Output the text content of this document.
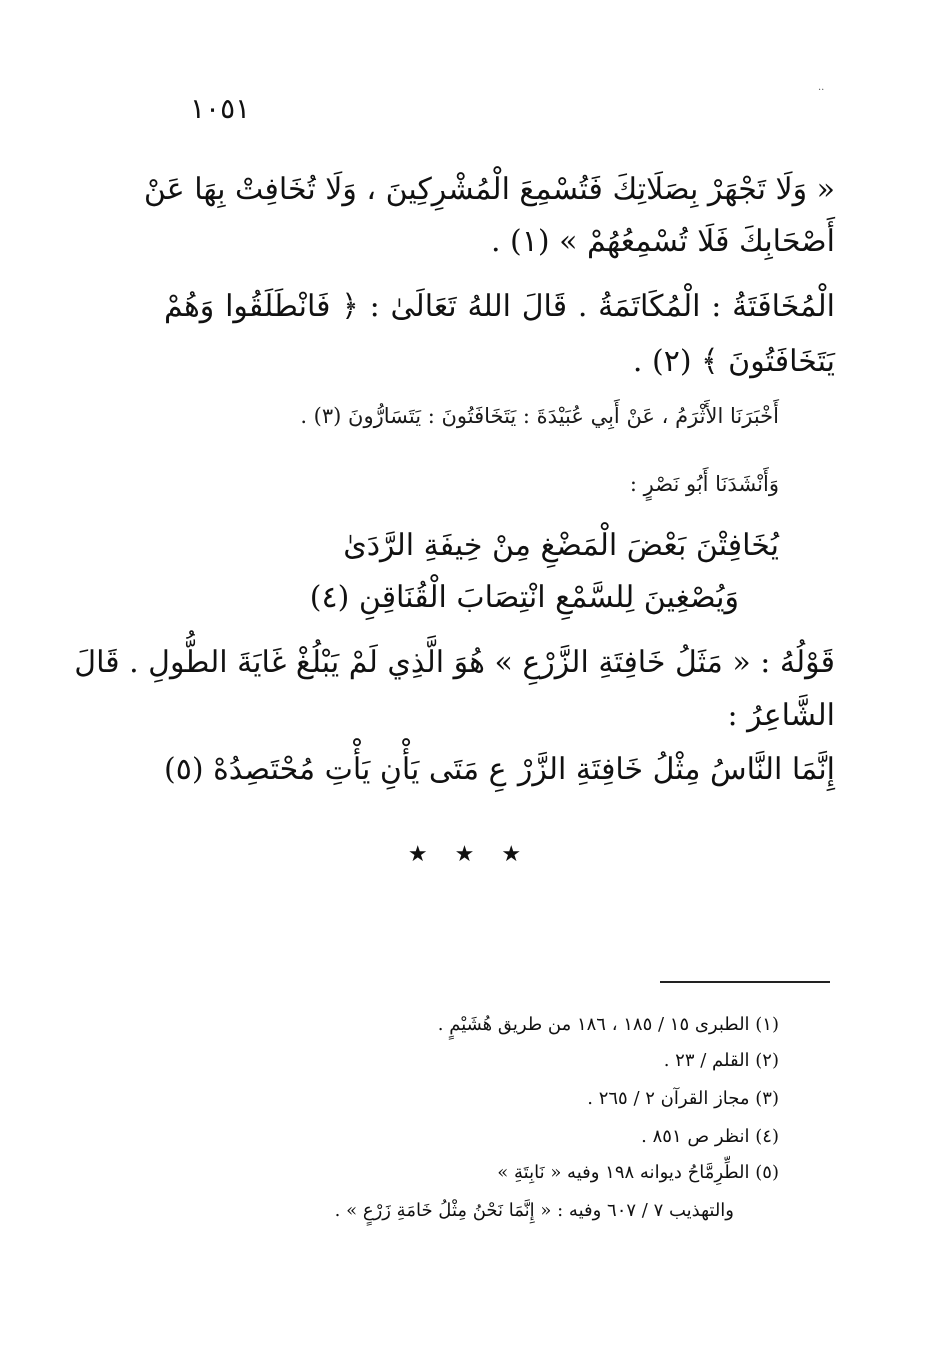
١٠٥١
..
« وَلَا تَجْهَرْ بِصَلَاتِكَ فَتُسْمِعَ الْمُشْرِكِينَ ، وَلَا تُخَافِتْ بِهَا عَنْ
أَصْحَابِكَ فَلَا تُسْمِعُهُمْ » (١) .
الْمُخَافَتَةُ : الْمُكَاتَمَةُ . قَالَ اللهُ تَعَالَىٰ : ﴿ فَانْطَلَقُوا وَهُمْ
يَتَخَافَتُونَ ﴾ (٢) .
أَخْبَرَنَا الأَثْرَمُ ، عَنْ أَبِي عُبَيْدَةَ : يَتَخَافَتُونَ : يَتَسَارُّونَ (٣) .
وَأَنْشَدَنَا أَبُو نَصْرٍ :
يُخَافِتْنَ بَعْضَ الْمَضْغِ مِنْ خِيفَةِ الرَّدَىٰ
وَيُصْغِينَ لِلسَّمْعِ انْتِصَابَ الْقُنَاقِنِ (٤)
قَوْلُهُ : « مَثَلُ خَافِتَةِ الزَّرْعِ » هُوَ الَّذِي لَمْ يَبْلُغْ غَايَةَ الطُّولِ . قَالَ
الشَّاعِرُ :
إِنَّمَا النَّاسُ مِثْلُ خَافِتَةِ الزَّرْ
عِ مَتَى يَأْنِ يَأْتِ مُحْتَصِدُهْ (٥)
★ ★ ★
(١) الطبرى ١٥ / ١٨٥ ، ١٨٦ من طريق هُشَيْمٍ .
(٢) القلم / ٢٣ .
(٣) مجاز القرآن ٢ / ٢٦٥ .
(٤) انظر ص ٨٥١ .
(٥) الطِّرِمَّاحُ ديوانه ١٩٨ وفيه « نَابِتَةِ »
والتهذيب ٧ / ٦٠٧ وفيه : « إِنَّمَا نَحْنُ مِثْلُ خَامَةِ زَرْعٍ » .
